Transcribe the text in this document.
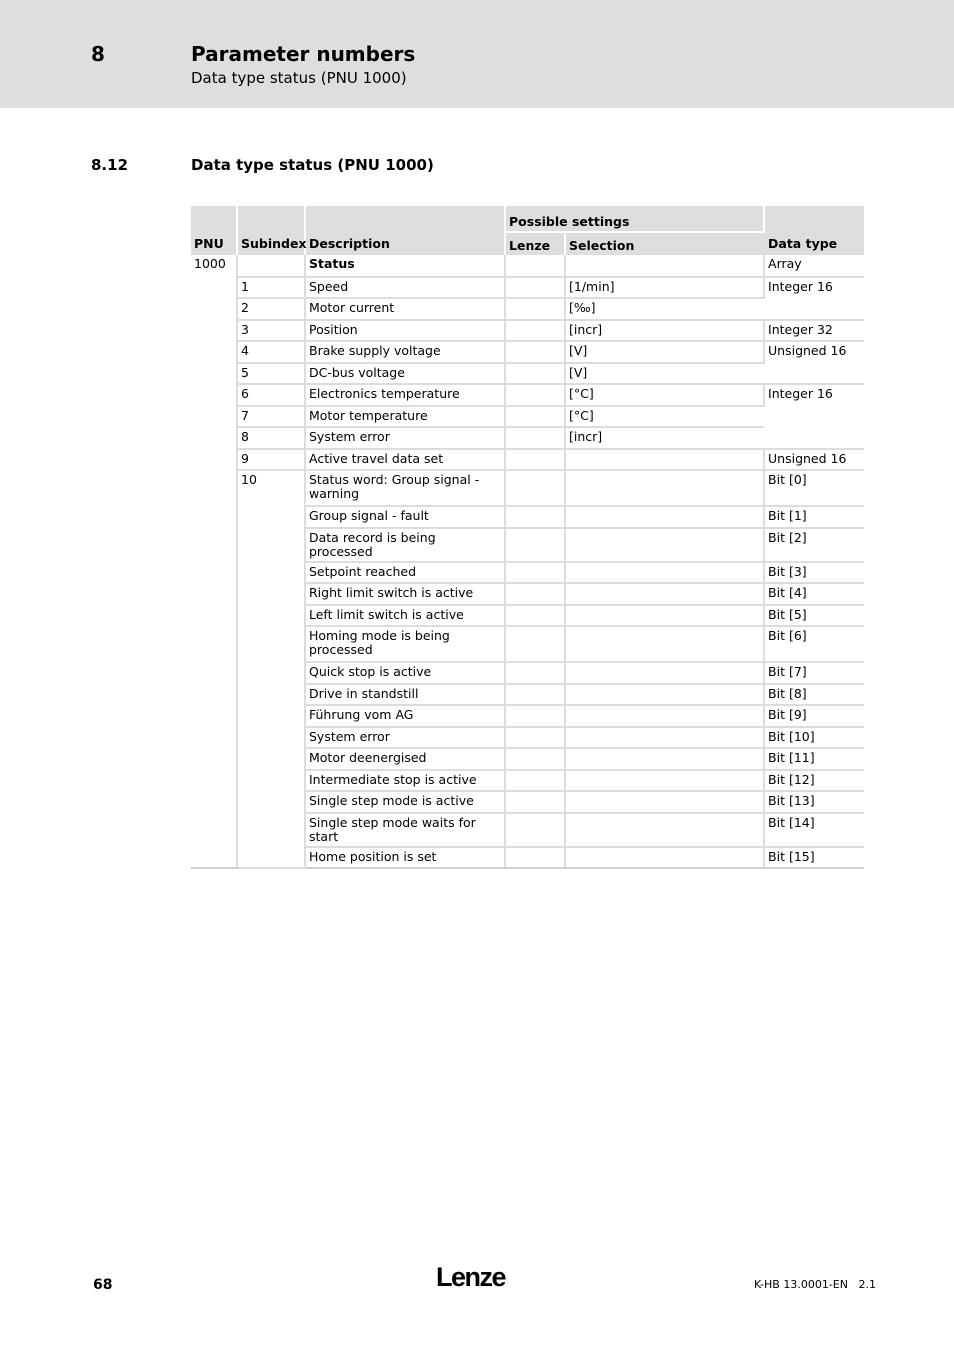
8	Parameter numbers
Data type status (PNU 1000)
8.12	Data type status (PNU 1000)
PNU	Subindex	Description	Possible settings		Data type
			Lenze	Selection	
1000		Status			Array
	1	Speed		[1/min]	Integer 16
	2	Motor current		[‰]	
	3	Position		[incr]	Integer 32
	4	Brake supply voltage		[V]	Unsigned 16
	5	DC-bus voltage		[V]	
	6	Electronics temperature		[°C]	Integer 16
	7	Motor temperature		[°C]	
	8	System error		[incr]	
	9	Active travel data set			Unsigned 16
	10	Status word: Group signal - warning			Bit [0]
		Group signal - fault			Bit [1]
		Data record is being processed			Bit [2]
		Setpoint reached			Bit [3]
		Right limit switch is active			Bit [4]
		Left limit switch is active			Bit [5]
		Homing mode is being processed			Bit [6]
		Quick stop is active			Bit [7]
		Drive in standstill			Bit [8]
		Führung vom AG			Bit [9]
		System error			Bit [10]
		Motor deenergised			Bit [11]
		Intermediate stop is active			Bit [12]
		Single step mode is active			Bit [13]
		Single step mode waits for start			Bit [14]
		Home position is set			Bit [15]
68	Lenze	K-HB 13.0001-EN 2.1
